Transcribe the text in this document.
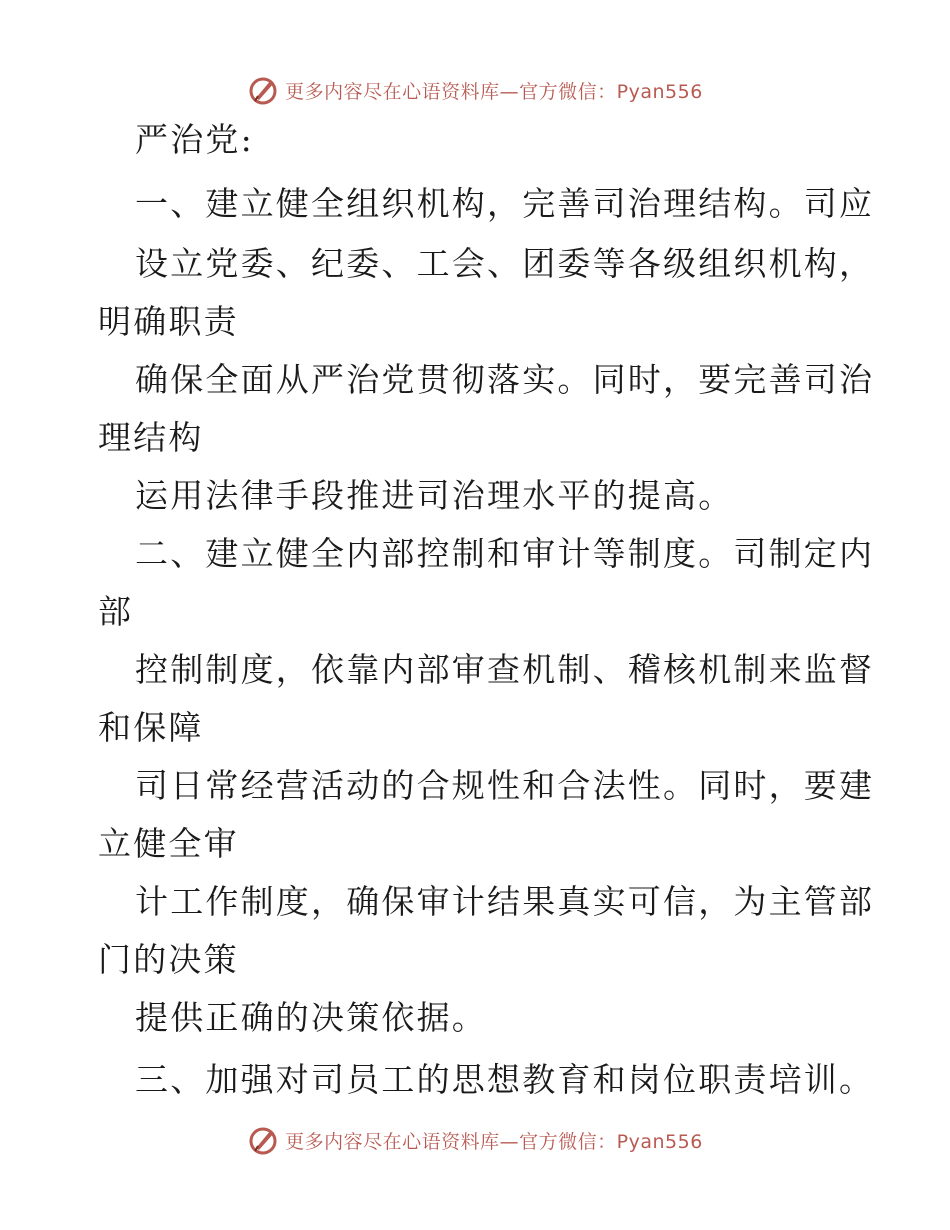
更多内容尽在心语资料库—官方微信：Pyan556
严治党:
一、建立健全组织机构，完善司治理结构。司应
设立党委、纪委、工会、团委等各级组织机构，
明确职责
确保全面从严治党贯彻落实。同时，要完善司治
理结构
运用法律手段推进司治理水平的提高。
二、建立健全内部控制和审计等制度。司制定内
部
控制制度，依靠内部审查机制、稽核机制来监督
和保障
司日常经营活动的合规性和合法性。同时，要建
立健全审
计工作制度，确保审计结果真实可信，为主管部
门的决策
提供正确的决策依据。
三、加强对司员工的思想教育和岗位职责培训。
更多内容尽在心语资料库—官方微信：Pyan556
